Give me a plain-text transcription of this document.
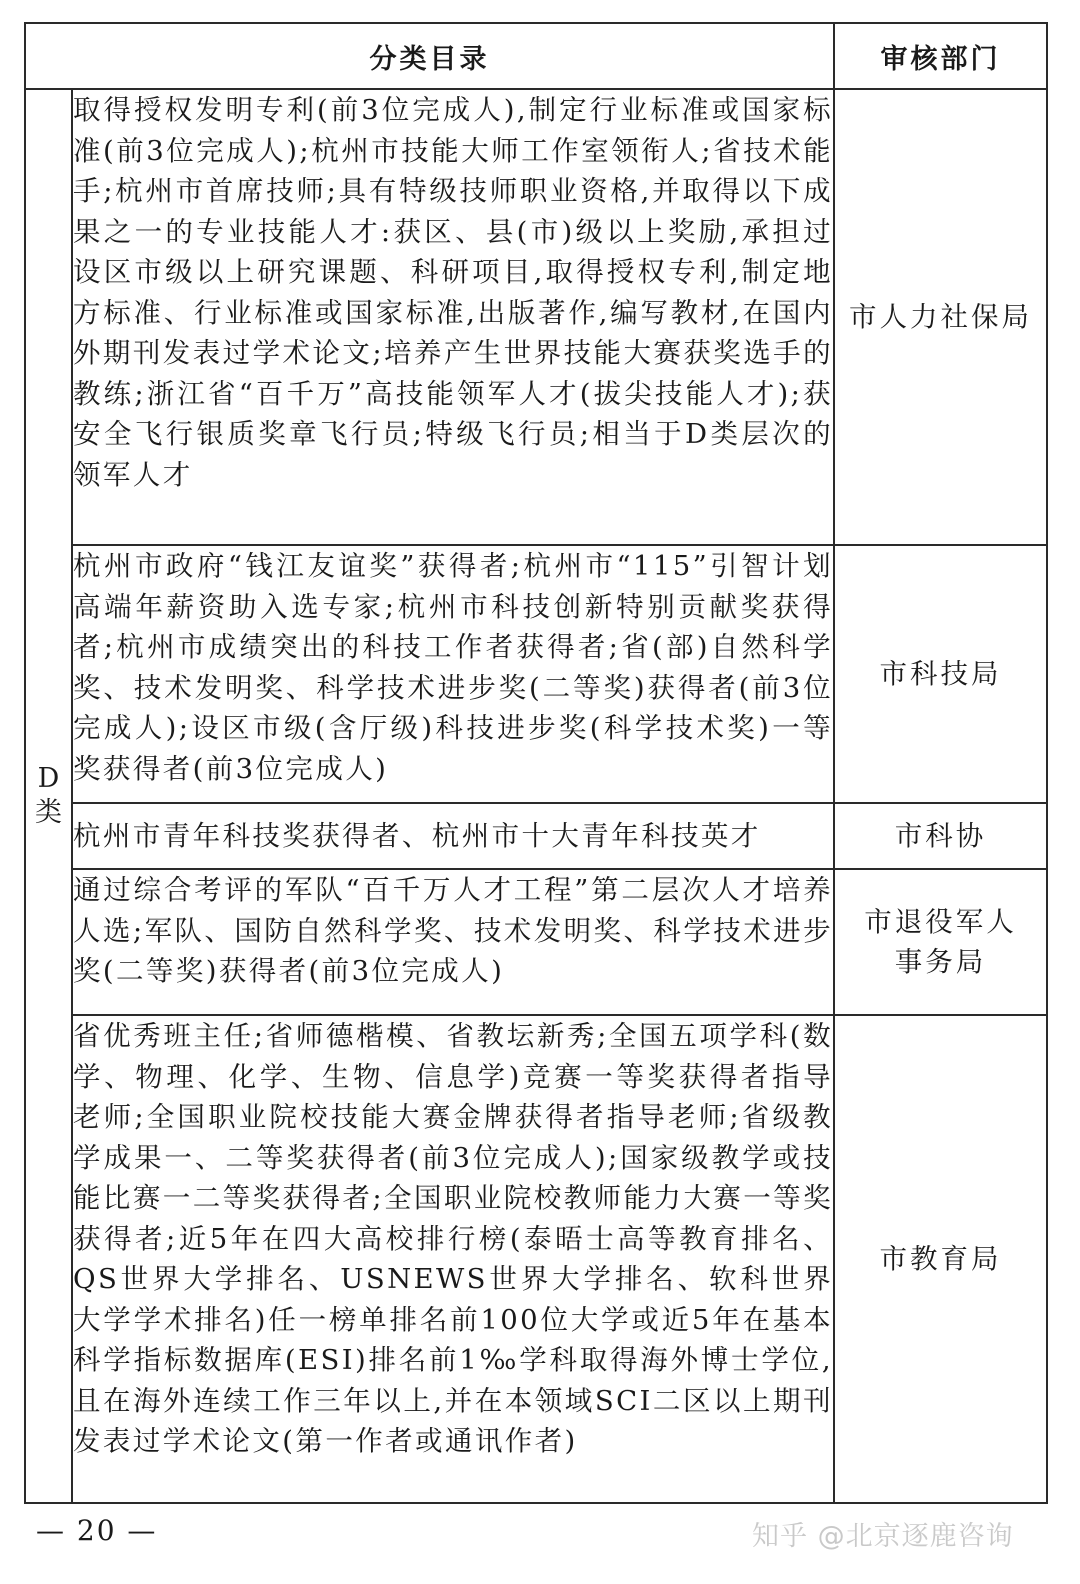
分类目录		审核部门

D
类	取得授权发明专利(前3位完成人),制定行业标准或国家标准(前3位完成人);杭州市技能大师工作室领衔人;省技术能手;杭州市首席技师;具有特级技师职业资格,并取得以下成果之一的专业技能人才:获区、县(市)级以上奖励,承担过设区市级以上研究课题、科研项目,取得授权专利,制定地方标准、行业标准或国家标准,出版著作,编写教材,在国内外期刊发表过学术论文;培养产生世界技能大赛获奖选手的教练;浙江省“百千万”高技能领军人才(拔尖技能人才);获安全飞行银质奖章飞行员;特级飞行员;相当于D类层次的领军人才	市人力社保局
	杭州市政府“钱江友谊奖”获得者;杭州市“115”引智计划高端年薪资助入选专家;杭州市科技创新特别贡献奖获得者;杭州市成绩突出的科技工作者获得者;省(部)自然科学奖、技术发明奖、科学技术进步奖(二等奖)获得者(前3位完成人);设区市级(含厅级)科技进步奖(科学技术奖)一等奖获得者(前3位完成人)	市科技局
	杭州市青年科技奖获得者、杭州市十大青年科技英才	市科协
	通过综合考评的军队“百千万人才工程”第二层次人才培养人选;军队、国防自然科学奖、技术发明奖、科学技术进步奖(二等奖)获得者(前3位完成人)	市退役军人事务局
	省优秀班主任;省师德楷模、省教坛新秀;全国五项学科(数学、物理、化学、生物、信息学)竞赛一等奖获得者指导老师;全国职业院校技能大赛金牌获得者指导老师;省级教学成果一、二等奖获得者(前3位完成人);国家级教学或技能比赛一二等奖获得者;全国职业院校教师能力大赛一等奖获得者;近5年在四大高校排行榜(泰晤士高等教育排名、QS世界大学排名、USNEWS世界大学排名、软科世界大学学术排名)任一榜单排名前100位大学或近5年在基本科学指标数据库(ESI)排名前1‰学科取得海外博士学位,且在海外连续工作三年以上,并在本领域SCI二区以上期刊发表过学术论文(第一作者或通讯作者)	市教育局
— 20 —	知乎 @北京逐鹿咨询
